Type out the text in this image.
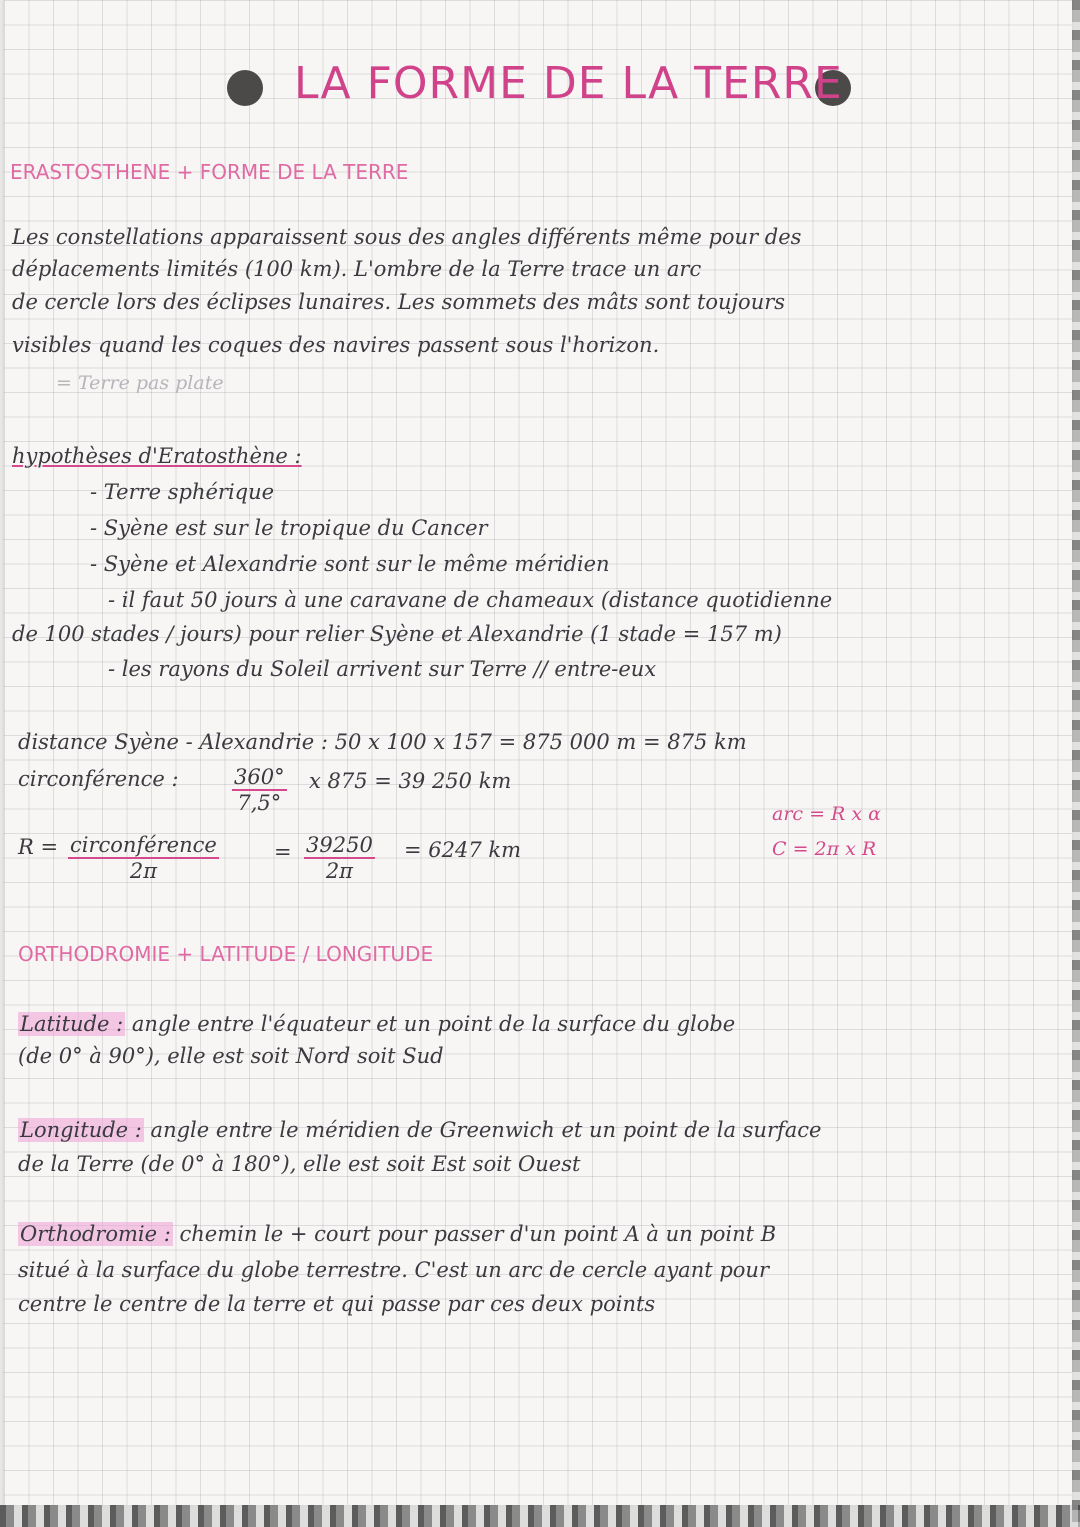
LA FORME DE LA TERRE
ERASTOSTHENE + FORME DE LA TERRE
Les constellations apparaissent sous des angles différents même pour des
déplacements limités (100 km). L'ombre de la Terre trace un arc
de cercle lors des éclipses lunaires. Les sommets des mâts sont toujours
visibles quand les coques des navires passent sous l'horizon.
= Terre pas plate
hypothèses d'Eratosthène :
- Terre sphérique
- Syène est sur le tropique du Cancer
- Syène et Alexandrie sont sur le même méridien
- il faut 50 jours à une caravane de chameaux (distance quotidienne
de 100 stades / jours) pour relier Syène et Alexandrie (1 stade = 157 m)
- les rayons du Soleil arrivent sur Terre // entre-eux
distance Syène - Alexandrie : 50 x 100 x 157 = 875 000 m = 875 km
circonférence :	$\frac{360^\circ}{7,5^\circ}$ x 875 = 39 250 km
R = circonférence
2π
= $\frac{39250}{2\pi} = 6247$ km
arc = R x α
C = 2π x R
ORTHODROMIE + LATITUDE / LONGITUDE
Latitude : angle entre l'équateur et un point de la surface du globe
(de 0° à 90°), elle est soit Nord soit Sud
Longitude : angle entre le méridien de Greenwich et un point de la surface
de la Terre (de 0° à 180°), elle est soit Est soit Ouest
Orthodromie : chemin le + court pour passer d'un point A à un point B
situé à la surface du globe terrestre. C'est un arc de cercle ayant pour
centre le centre de la terre et qui passe par ces deux points
